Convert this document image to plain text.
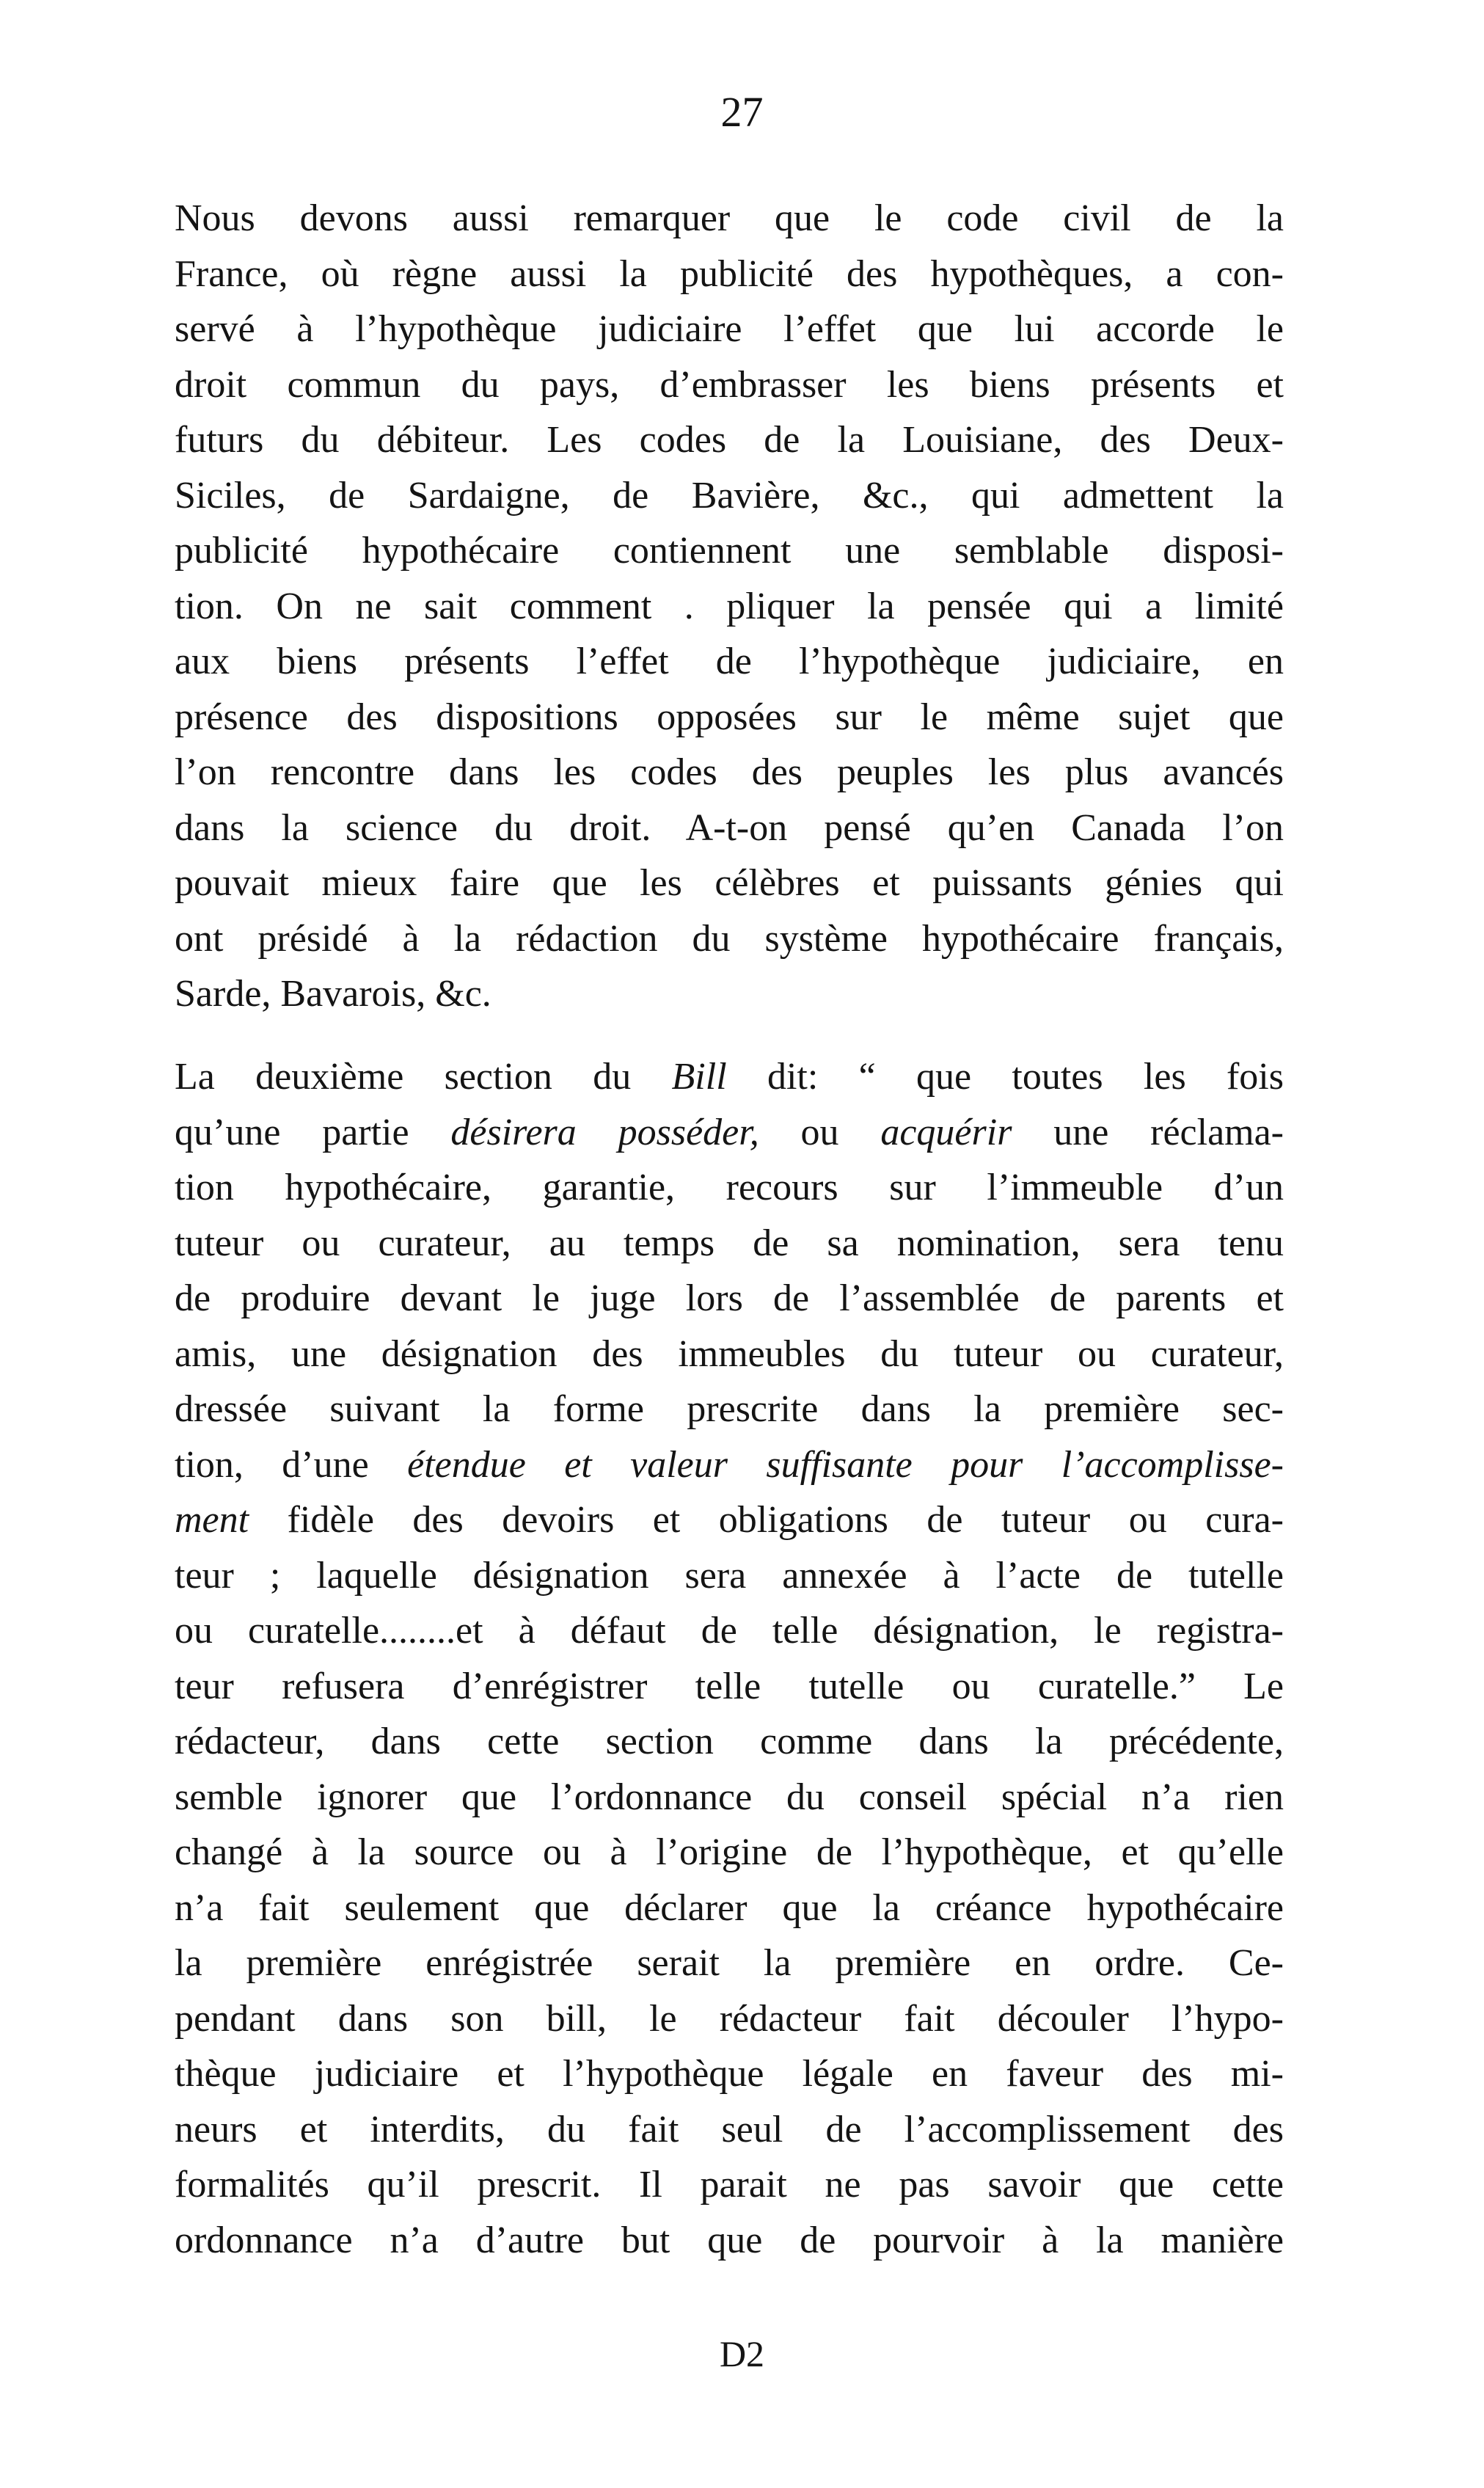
27
Nous devons aussi remarquer que le code civil de la
France, où règne aussi la publicité des hypothèques, a con-
servé à l’hypothèque judiciaire l’effet que lui accorde le
droit commun du pays, d’embrasser les biens présents et
futurs du débiteur. Les codes de la Louisiane, des Deux-
Siciles, de Sardaigne, de Bavière, &c., qui admettent la
publicité hypothécaire contiennent une semblable disposi-
tion. On ne sait comment . pliquer la pensée qui a limité
aux biens présents l’effet de l’hypothèque judiciaire, en
présence des dispositions opposées sur le même sujet que
l’on rencontre dans les codes des peuples les plus avancés
dans la science du droit. A-t-on pensé qu’en Canada l’on
pouvait mieux faire que les célèbres et puissants génies qui
ont présidé à la rédaction du système hypothécaire français,
Sarde, Bavarois, &c.
La deuxième section du Bill dit: “ que toutes les fois
qu’une partie désirera posséder, ou acquérir une réclama-
tion hypothécaire, garantie, recours sur l’immeuble d’un
tuteur ou curateur, au temps de sa nomination, sera tenu
de produire devant le juge lors de l’assemblée de parents et
amis, une désignation des immeubles du tuteur ou curateur,
dressée suivant la forme prescrite dans la première sec-
tion, d’une étendue et valeur suffisante pour l’accomplisse-
ment fidèle des devoirs et obligations de tuteur ou cura-
teur ; laquelle désignation sera annexée à l’acte de tutelle
ou curatelle........et à défaut de telle désignation, le registra-
teur refusera d’enrégistrer telle tutelle ou curatelle.” Le
rédacteur, dans cette section comme dans la précédente,
semble ignorer que l’ordonnance du conseil spécial n’a rien
changé à la source ou à l’origine de l’hypothèque, et qu’elle
n’a fait seulement que déclarer que la créance hypothécaire
la première enrégistrée serait la première en ordre. Ce-
pendant dans son bill, le rédacteur fait découler l’hypo-
thèque judiciaire et l’hypothèque légale en faveur des mi-
neurs et interdits, du fait seul de l’accomplissement des
formalités qu’il prescrit. Il parait ne pas savoir que cette
ordonnance n’a d’autre but que de pourvoir à la manière
D2
